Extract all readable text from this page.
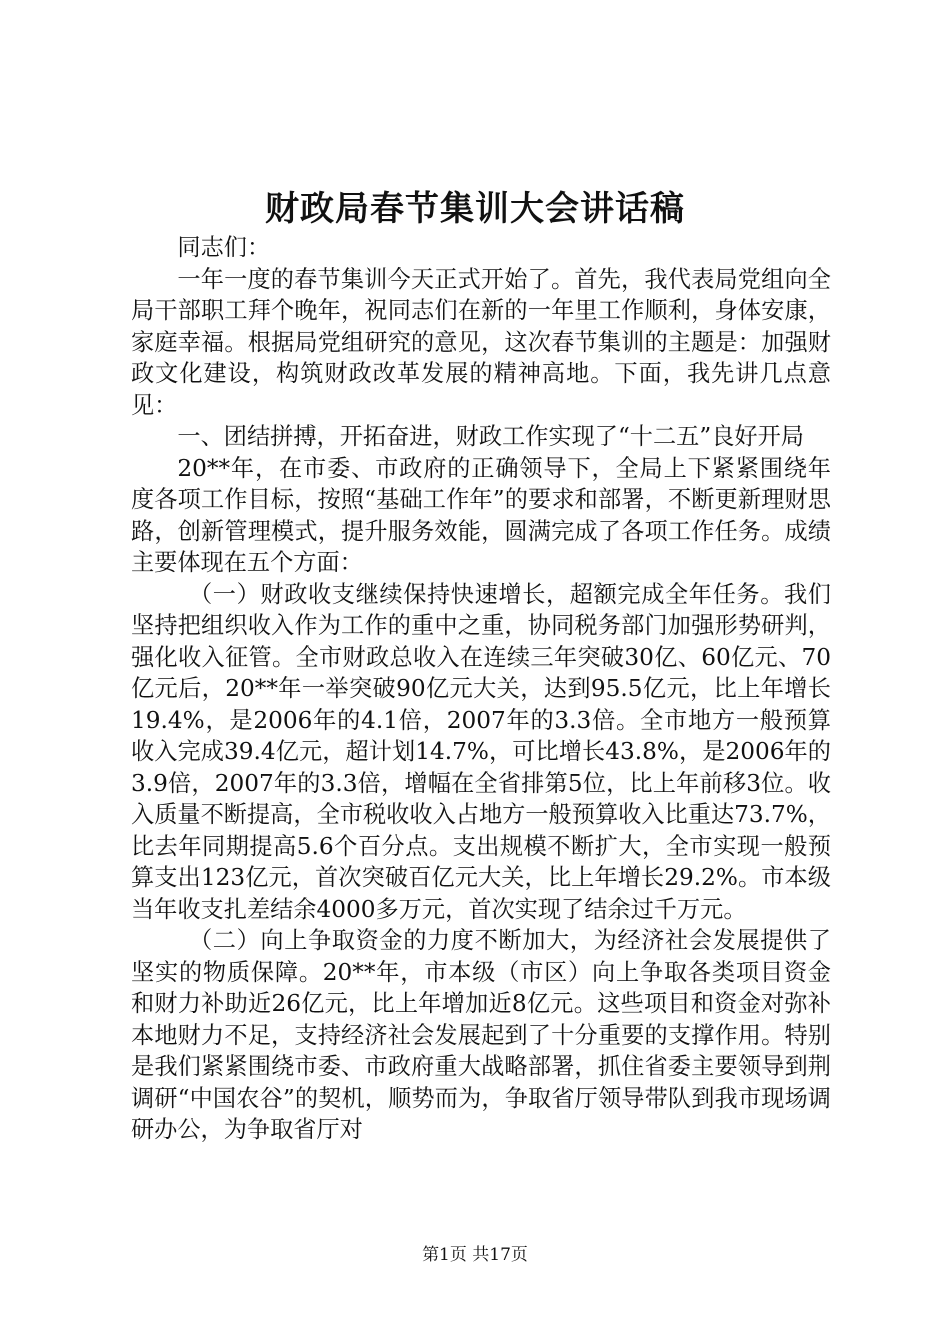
财政局春节集训大会讲话稿

同志们：

一年一度的春节集训今天正式开始了。首先，我代表局党组向全局干部职工拜个晚年，祝同志们在新的一年里工作顺利，身体安康，家庭幸福。根据局党组研究的意见，这次春节集训的主题是：加强财政文化建设，构筑财政改革发展的精神高地。下面，我先讲几点意见：

一、团结拼搏，开拓奋进，财政工作实现了“十二五”良好开局

20**年，在市委、市政府的正确领导下，全局上下紧紧围绕年度各项工作目标，按照“基础工作年”的要求和部署，不断更新理财思路，创新管理模式，提升服务效能，圆满完成了各项工作任务。成绩主要体现在五个方面：

（一）财政收支继续保持快速增长，超额完成全年任务。我们坚持把组织收入作为工作的重中之重，协同税务部门加强形势研判，强化收入征管。全市财政总收入在连续三年突破30亿、60亿元、70亿元后，20**年一举突破90亿元大关，达到95.5亿元，比上年增长19.4%，是2006年的4.1倍，2007年的3.3倍。全市地方一般预算收入完成39.4亿元，超计划14.7%，可比增长43.8%，是2006年的3.9倍，2007年的3.3倍，增幅在全省排第5位，比上年前移3位。收入质量不断提高，全市税收收入占地方一般预算收入比重达73.7%，比去年同期提高5.6个百分点。支出规模不断扩大，全市实现一般预算支出123亿元，首次突破百亿元大关，比上年增长29.2%。市本级当年收支扎差结余4000多万元，首次实现了结余过千万元。

（二）向上争取资金的力度不断加大，为经济社会发展提供了坚实的物质保障。20**年，市本级（市区）向上争取各类项目资金和财力补助近26亿元，比上年增加近8亿元。这些项目和资金对弥补本地财力不足，支持经济社会发展起到了十分重要的支撑作用。特别是我们紧紧围绕市委、市政府重大战略部署，抓住省委主要领导到荆调研“中国农谷”的契机，顺势而为，争取省厅领导带队到我市现场调研办公，为争取省厅对

第1页 共17页
